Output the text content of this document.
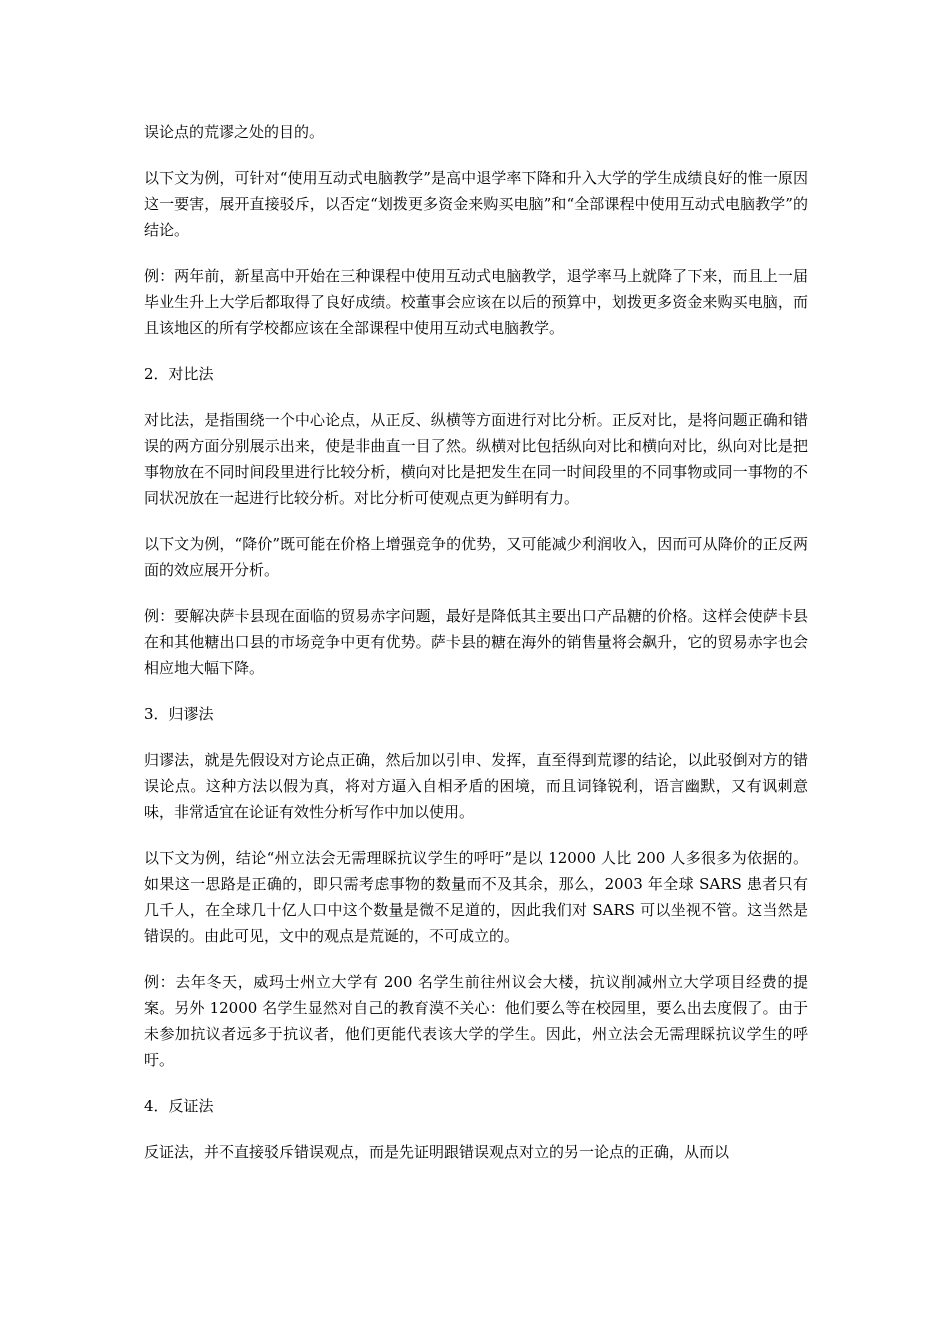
误论点的荒谬之处的目的。

以下文为例，可针对“使用互动式电脑教学”是高中退学率下降和升入大学的学生成绩良好的惟一原因这一要害，展开直接驳斥，以否定“划拨更多资金来购买电脑”和“全部课程中使用互动式电脑教学”的结论。

例：两年前，新星高中开始在三种课程中使用互动式电脑教学，退学率马上就降了下来，而且上一届毕业生升上大学后都取得了良好成绩。校董事会应该在以后的预算中，划拨更多资金来购买电脑，而且该地区的所有学校都应该在全部课程中使用互动式电脑教学。

2．对比法

对比法，是指围绕一个中心论点，从正反、纵横等方面进行对比分析。正反对比，是将问题正确和错误的两方面分别展示出来，使是非曲直一目了然。纵横对比包括纵向对比和横向对比，纵向对比是把事物放在不同时间段里进行比较分析，横向对比是把发生在同一时间段里的不同事物或同一事物的不同状况放在一起进行比较分析。对比分析可使观点更为鲜明有力。

以下文为例，“降价”既可能在价格上增强竞争的优势，又可能减少利润收入，因而可从降价的正反两面的效应展开分析。

例：要解决萨卡县现在面临的贸易赤字问题，最好是降低其主要出口产品糖的价格。这样会使萨卡县在和其他糖出口县的市场竞争中更有优势。萨卡县的糖在海外的销售量将会飙升，它的贸易赤字也会相应地大幅下降。

3．归谬法

归谬法，就是先假设对方论点正确，然后加以引申、发挥，直至得到荒谬的结论，以此驳倒对方的错误论点。这种方法以假为真，将对方逼入自相矛盾的困境，而且词锋锐利，语言幽默，又有讽刺意味，非常适宜在论证有效性分析写作中加以使用。

以下文为例，结论“州立法会无需理睬抗议学生的呼吁”是以 12000 人比 200 人多很多为依据的。如果这一思路是正确的，即只需考虑事物的数量而不及其余，那么，2003 年全球 SARS 患者只有几千人，在全球几十亿人口中这个数量是微不足道的，因此我们对 SARS 可以坐视不管。这当然是错误的。由此可见，文中的观点是荒诞的，不可成立的。

例：去年冬天，威玛士州立大学有 200 名学生前往州议会大楼，抗议削减州立大学项目经费的提案。另外 12000 名学生显然对自己的教育漠不关心：他们要么等在校园里，要么出去度假了。由于未参加抗议者远多于抗议者，他们更能代表该大学的学生。因此，州立法会无需理睬抗议学生的呼吁。

4．反证法

反证法，并不直接驳斥错误观点，而是先证明跟错误观点对立的另一论点的正确，从而以
